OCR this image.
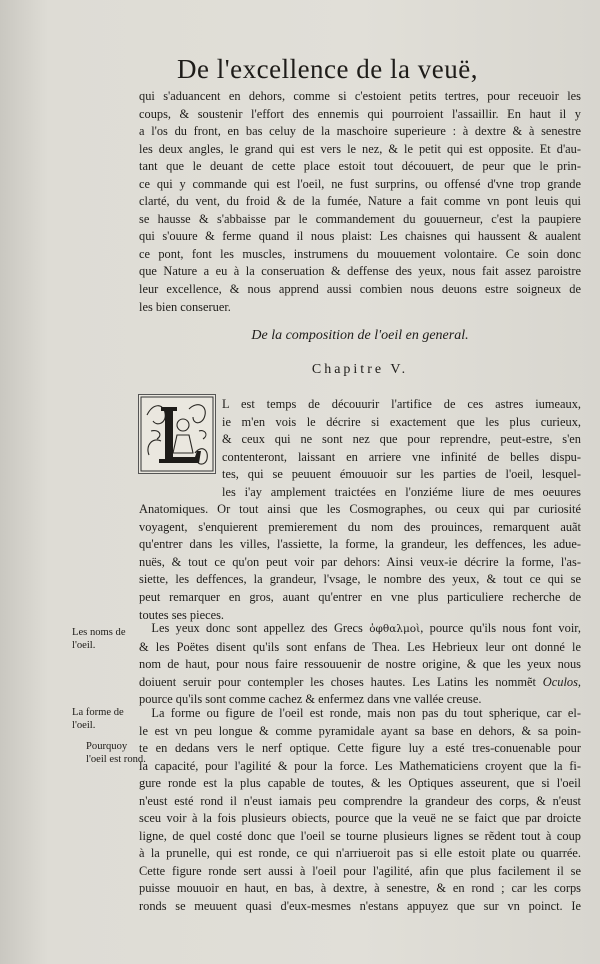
De l'excellence de la veuë,
qui s'aduancent en dehors, comme si c'estoient petits tertres, pour receuoir les
coups, & soustenir l'effort des ennemis qui pourroient l'assaillir. En haut il y
a l'os du front, en bas celuy de la maschoire superieure : à dextre & à senestre
les deux angles, le grand qui est vers le nez, & le petit qui est opposite. Et d'au-
tant que le deuant de cette place estoit tout découuert, de peur que le prin-
ce qui y commande qui est l'oeil, ne fust surprins, ou offensé d'vne trop grande
clarté, du vent, du froid & de la fumée, Nature a fait comme vn pont leuis qui
se hausse & s'abbaisse par le commandement du gouuerneur, c'est la paupiere
qui s'ouure & ferme quand il nous plaist: Les chaisnes qui haussent & aualent
ce pont, font les muscles, instrumens du mouuement volontaire. Ce soin donc
que Nature a eu à la conseruation & deffense des yeux, nous fait assez paroistre
leur excellence, & nous apprend aussi combien nous deuons estre soigneux de
les bien conseruer.
De la composition de l'oeil en general.
Chapitre V.
L est temps de découurir l'artifice de ces astres iumeaux,
ie m'en vois le décrire si exactement que les plus curieux,
& ceux qui ne sont nez que pour reprendre, peut-estre, s'en
contenteront, laissant en arriere vne infinité de belles dispu-
tes, qui se peuuent émouuoir sur les parties de l'oeil, lesquel-
les i'ay amplement traictées en l'onziéme liure de mes oeuures
Anatomiques. Or tout ainsi que les Cosmographes, ou ceux qui par curiosité
voyagent, s'enquierent premierement du nom des prouinces, remarquent auãt
qu'entrer dans les villes, l'assiette, la forme, la grandeur, les deffences, les adue-
nuës, & tout ce qu'on peut voir par dehors: Ainsi veux-ie décrire la forme, l'as-
siette, les deffences, la grandeur, l'vsage, le nombre des yeux, & tout ce qui se
peut remarquer en gros, auant qu'entrer en vne plus particuliere recherche de
toutes ses pieces.
Les noms de
l'oeil.
 Les yeux donc sont appellez des Grecs ὀφθαλμοὶ, pource qu'ils nous font voir,
& les Poëtes disent qu'ils sont enfans de Thea. Les Hebrieux leur ont donné le
nom de haut, pour nous faire ressouuenir de nostre origine, & que les yeux nous
doiuent seruir pour contempler les choses hautes. Les Latins les nommẽt Oculos,
pource qu'ils sont comme cachez & enfermez dans vne vallée creuse.
La forme de
l'oeil.
Pourquoy
l'oeil est rond.
 La forme ou figure de l'oeil est ronde, mais non pas du tout spherique, car el-
le est vn peu longue & comme pyramidale ayant sa base en dehors, & sa poin-
te en dedans vers le nerf optique. Cette figure luy a esté tres-conuenable pour
la capacité, pour l'agilité & pour la force. Les Mathematiciens croyent que la fi-
gure ronde est la plus capable de toutes, & les Optiques asseurent, que si l'oeil
n'eust esté rond il n'eust iamais peu comprendre la grandeur des corps, & n'eust
sceu voir à la fois plusieurs obiects, pource que la veuë ne se faict que par droicte
ligne, de quel costé donc que l'oeil se tourne plusieurs lignes se rẽdent tout à coup
à la prunelle, qui est ronde, ce qui n'arriueroit pas si elle estoit plate ou quarrée.
Cette figure ronde sert aussi à l'oeil pour l'agilité, afin que plus facilement il se
puisse mouuoir en haut, en bas, à dextre, à senestre, & en rond ; car les corps
ronds se meuuent quasi d'eux-mesmes n'estans appuyez que sur vn poinct. Ie
